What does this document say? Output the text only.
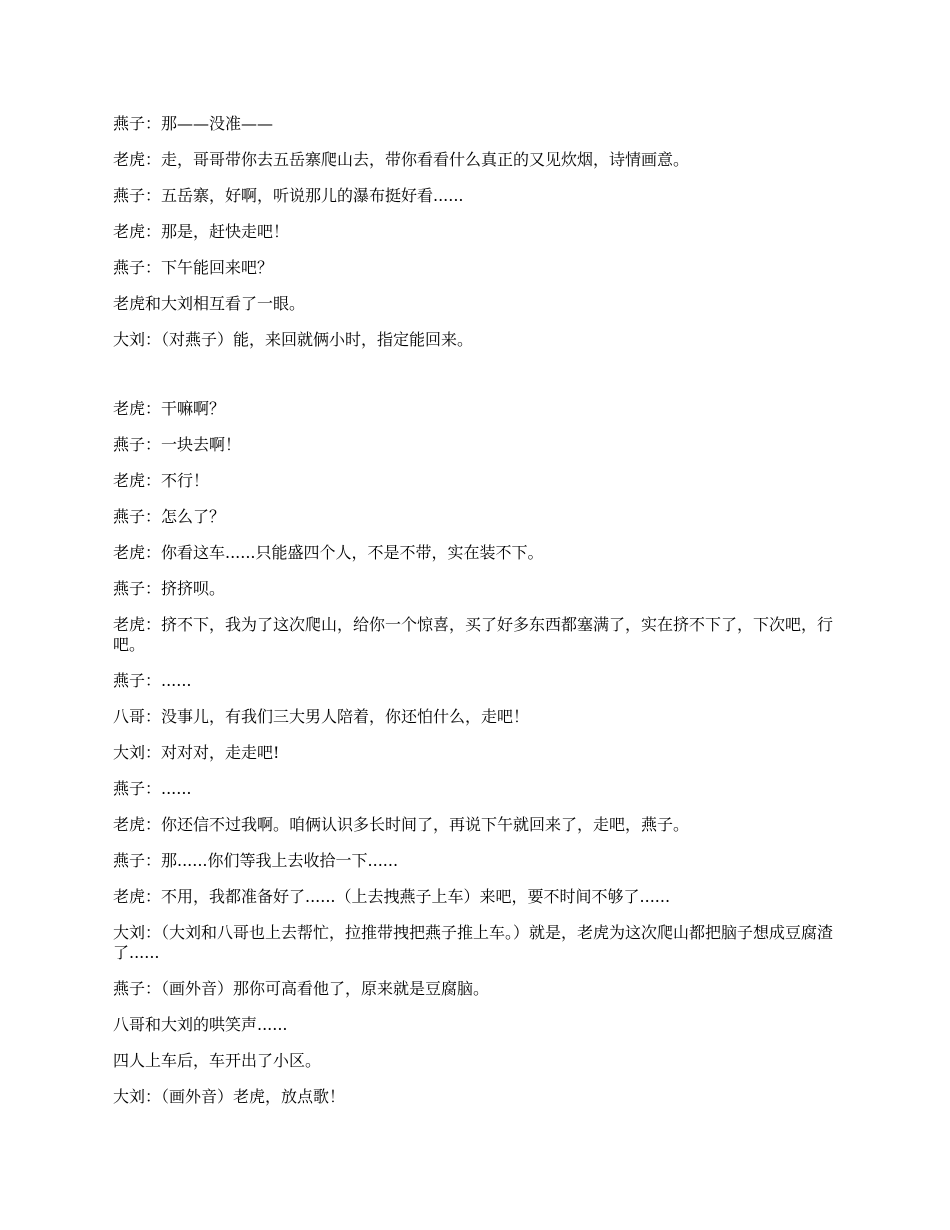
燕子：那——没准——

老虎：走，哥哥带你去五岳寨爬山去，带你看看什么真正的又见炊烟，诗情画意。

燕子：五岳寨，好啊，听说那儿的瀑布挺好看......

老虎：那是，赶快走吧！

燕子：下午能回来吧？

老虎和大刘相互看了一眼。

大刘：（对燕子）能，来回就俩小时，指定能回来。

老虎：干嘛啊？

燕子：一块去啊！

老虎：不行！

燕子：怎么了？

老虎：你看这车......只能盛四个人，不是不带，实在装不下。

燕子：挤挤呗。

老虎：挤不下，我为了这次爬山，给你一个惊喜，买了好多东西都塞满了，实在挤不下了，下次吧，行吧。

燕子：......

八哥：没事儿，有我们三大男人陪着，你还怕什么，走吧！

大刘：对对对，走走吧!

燕子：......

老虎：你还信不过我啊。咱俩认识多长时间了，再说下午就回来了，走吧，燕子。

燕子：那......你们等我上去收拾一下......

老虎：不用，我都准备好了......（上去拽燕子上车）来吧，要不时间不够了......

大刘：（大刘和八哥也上去帮忙，拉推带拽把燕子推上车。）就是，老虎为这次爬山都把脑子想成豆腐渣了......

燕子：（画外音）那你可高看他了，原来就是豆腐脑。

八哥和大刘的哄笑声......

四人上车后，车开出了小区。

大刘：（画外音）老虎，放点歌！
